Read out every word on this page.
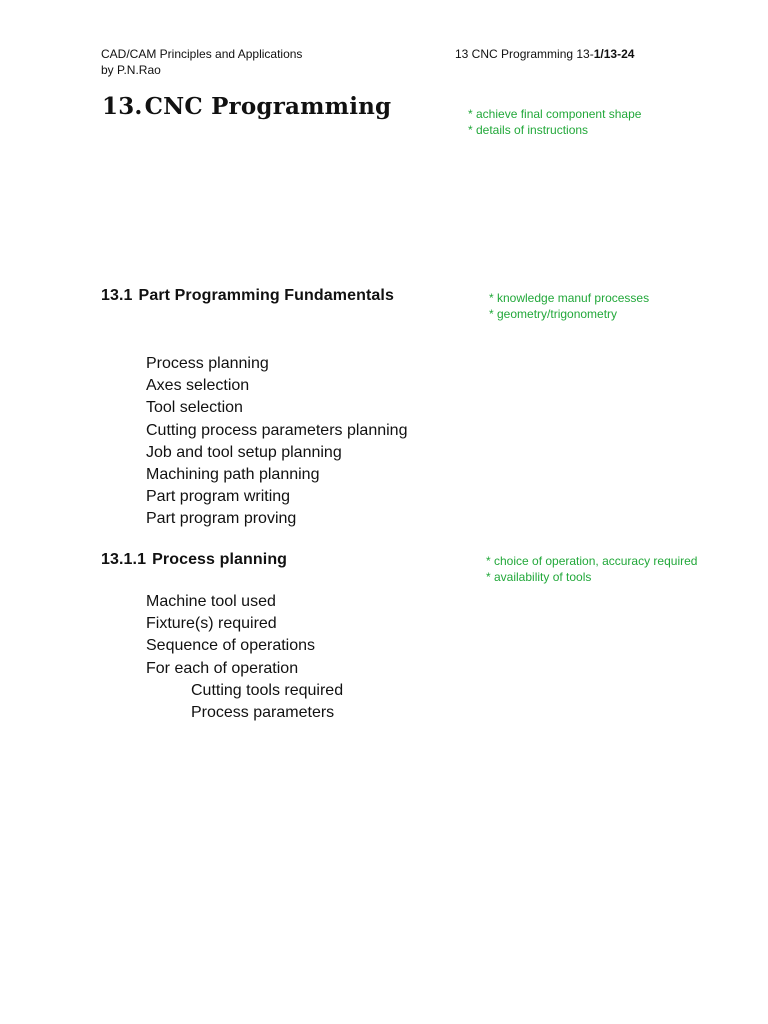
CAD/CAM Principles and Applications
by P.N.Rao
13 CNC Programming 13-1/13-24
13.CNC Programming	* achieve final component shape
* details of instructions
13.1 Part Programming Fundamentals	* knowledge manuf processes
* geometry/trigonometry
Process planning
Axes selection
Tool selection
Cutting process parameters planning
Job and tool setup planning
Machining path planning
Part program writing
Part program proving
13.1.1 Process planning	* choice of operation, accuracy required
* availability of tools
Machine tool used
Fixture(s) required
Sequence of operations
For each of operation
Cutting tools required
Process parameters
